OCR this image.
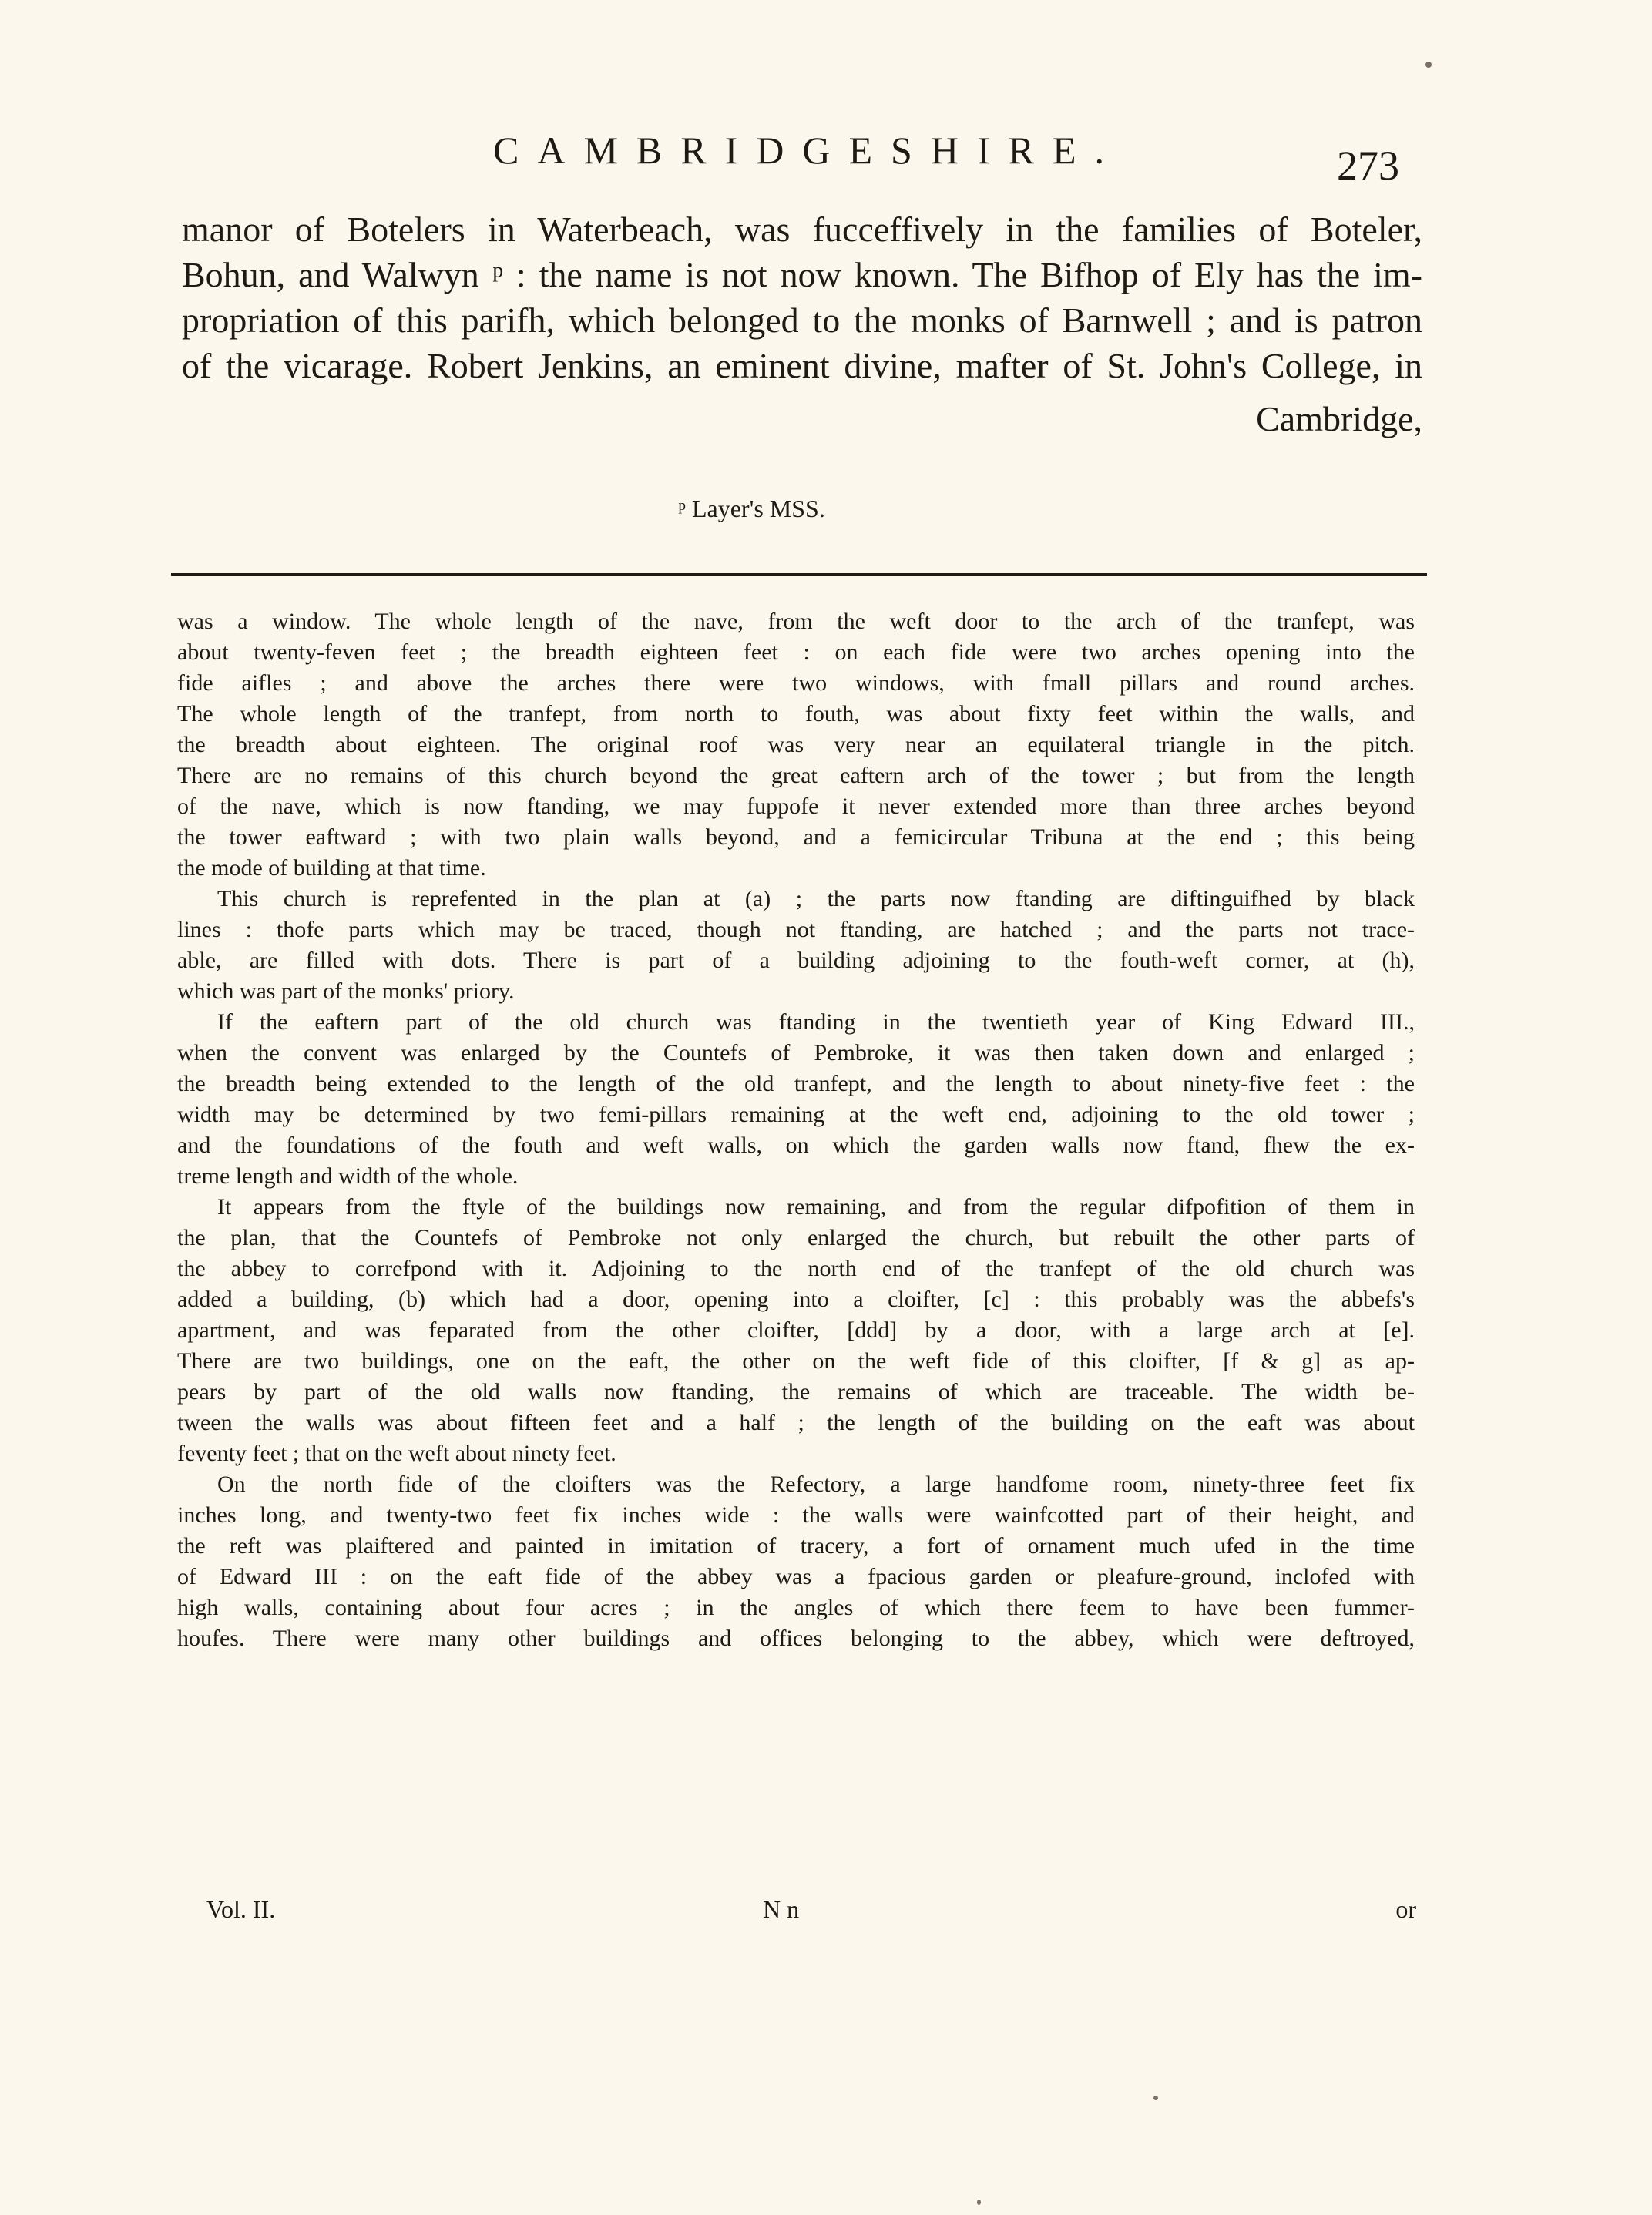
CAMBRIDGESHIRE.	273
manor of Botelers in Waterbeach, was fucceffively in the families of Boteler,
Bohun, and Walwyn ᵖ : the name is not now known. The Bifhop of Ely has the im-
propriation of this parifh, which belonged to the monks of Barnwell ; and is patron
of the vicarage. Robert Jenkins, an eminent divine, mafter of St. John's College, in
Cambridge,
ᵖ Layer's MSS.
was a window. The whole length of the nave, from the weft door to the arch of the tranfept, was
about twenty-feven feet ; the breadth eighteen feet : on each fide were two arches opening into the
fide aifles ; and above the arches there were two windows, with fmall pillars and round arches.
The whole length of the tranfept, from north to fouth, was about fixty feet within the walls, and
the breadth about eighteen. The original roof was very near an equilateral triangle in the pitch.
There are no remains of this church beyond the great eaftern arch of the tower ; but from the length
of the nave, which is now ftanding, we may fuppofe it never extended more than three arches beyond
the tower eaftward ; with two plain walls beyond, and a femicircular Tribuna at the end ; this being
the mode of building at that time.
This church is reprefented in the plan at (a) ; the parts now ftanding are diftinguifhed by black
lines : thofe parts which may be traced, though not ftanding, are hatched ; and the parts not trace-
able, are filled with dots. There is part of a building adjoining to the fouth-weft corner, at (h),
which was part of the monks' priory.
If the eaftern part of the old church was ftanding in the twentieth year of King Edward III.,
when the convent was enlarged by the Countefs of Pembroke, it was then taken down and enlarged ;
the breadth being extended to the length of the old tranfept, and the length to about ninety-five feet : the
width may be determined by two femi-pillars remaining at the weft end, adjoining to the old tower ;
and the foundations of the fouth and weft walls, on which the garden walls now ftand, fhew the ex-
treme length and width of the whole.
It appears from the ftyle of the buildings now remaining, and from the regular difpofition of them in
the plan, that the Countefs of Pembroke not only enlarged the church, but rebuilt the other parts of
the abbey to correfpond with it. Adjoining to the north end of the tranfept of the old church was
added a building, (b) which had a door, opening into a cloifter, [c] : this probably was the abbefs's
apartment, and was feparated from the other cloifter, [ddd] by a door, with a large arch at [e].
There are two buildings, one on the eaft, the other on the weft fide of this cloifter, [f & g] as ap-
pears by part of the old walls now ftanding, the remains of which are traceable. The width be-
tween the walls was about fifteen feet and a half ; the length of the building on the eaft was about
feventy feet ; that on the weft about ninety feet.
On the north fide of the cloifters was the Refectory, a large handfome room, ninety-three feet fix
inches long, and twenty-two feet fix inches wide : the walls were wainfcotted part of their height, and
the reft was plaiftered and painted in imitation of tracery, a fort of ornament much ufed in the time
of Edward III : on the eaft fide of the abbey was a fpacious garden or pleafure-ground, inclofed with
high walls, containing about four acres ; in the angles of which there feem to have been fummer-
houfes. There were many other buildings and offices belonging to the abbey, which were deftroyed,
Vol. II.	N n	or
